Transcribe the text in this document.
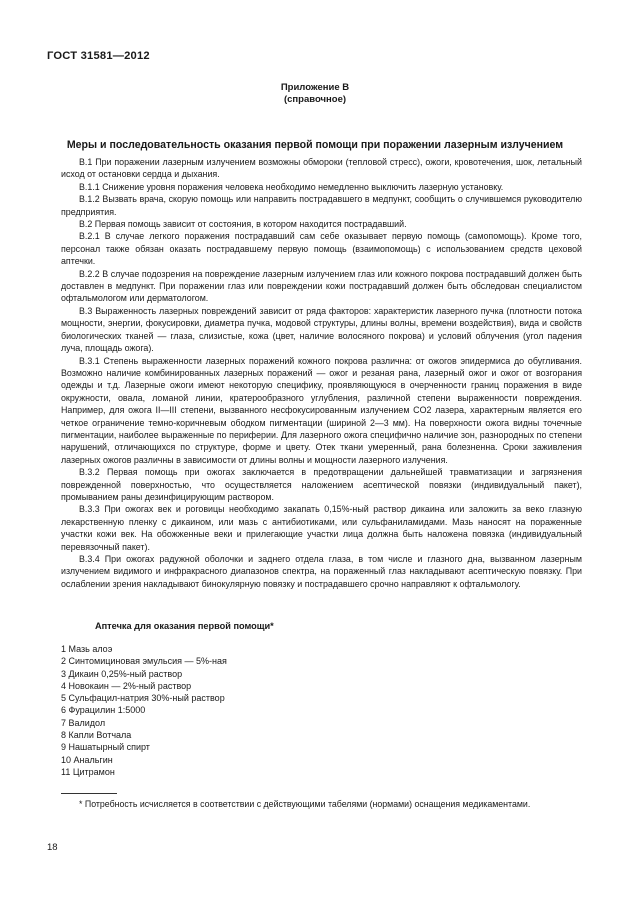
ГОСТ 31581—2012
Приложение В
(справочное)
Меры и последовательность оказания первой помощи при поражении лазерным излучением

В.1 При поражении лазерным излучением возможны обмороки (тепловой стресс), ожоги, кровотечения, шок, летальный исход от остановки сердца и дыхания.

В.1.1 Снижение уровня поражения человека необходимо немедленно выключить лазерную установку.

В.1.2 Вызвать врача, скорую помощь или направить пострадавшего в медпункт, сообщить о случившемся руководителю предприятия.

В.2 Первая помощь зависит от состояния, в котором находится пострадавший.

В.2.1 В случае легкого поражения пострадавший сам себе оказывает первую помощь (самопомощь). Кроме того, персонал также обязан оказать пострадавшему первую помощь (взаимопомощь) с использованием средств цеховой аптечки.

В.2.2 В случае подозрения на повреждение лазерным излучением глаз или кожного покрова пострадавший должен быть доставлен в медпункт. При поражении глаз или повреждении кожи пострадавший должен быть обследован специалистом офтальмологом или дерматологом.

В.3 Выраженность лазерных повреждений зависит от ряда факторов: характеристик лазерного пучка (плотности потока мощности, энергии, фокусировки, диаметра пучка, модовой структуры, длины волны, времени воздействия), вида и свойств биологических тканей — глаза, слизистые, кожа (цвет, наличие волосяного покрова) и условий облучения (угол падения луча, площадь ожога).

В.3.1 Степень выраженности лазерных поражений кожного покрова различна: от ожогов эпидермиса до обугливания. Возможно наличие комбинированных лазерных поражений — ожог и резаная рана, лазерный ожог и ожог от возгорания одежды и т.д. Лазерные ожоги имеют некоторую специфику, проявляющуюся в очерченности границ поражения в виде окружности, овала, ломаной линии, кратерообразного углубления, различной степени выраженности повреждения. Например, для ожога II—III степени, вызванного несфокусированным излучением CO2 лазера, характерным является его четкое ограничение темно-коричневым ободком пигментации (шириной 2—3 мм). На поверхности ожога видны точечные пигментации, наиболее выраженные по периферии. Для лазерного ожога специфично наличие зон, разнородных по степени нарушений, отличающихся по структуре, форме и цвету. Отек ткани умеренный, рана болезненна. Сроки заживления лазерных ожогов различны в зависимости от длины волны и мощности лазерного излучения.

В.3.2 Первая помощь при ожогах заключается в предотвращении дальнейшей травматизации и загрязнения поврежденной поверхностью, что осуществляется наложением асептической повязки (индивидуальный пакет), промыванием раны дезинфицирующим раствором.

В.3.3 При ожогах век и роговицы необходимо закапать 0,15%-ный раствор дикаина или заложить за веко глазную лекарственную пленку с дикаином, или мазь с антибиотиками, или сульфаниламидами. Мазь наносят на пораженные участки кожи век. На обожженные веки и прилегающие участки лица должна быть наложена повязка (индивидуальный перевязочный пакет).

В.3.4 При ожогах радужной оболочки и заднего отдела глаза, в том числе и глазного дна, вызванном лазерным излучением видимого и инфракрасного диапазонов спектра, на пораженный глаз накладывают асептическую повязку. При ослаблении зрения накладывают бинокулярную повязку и пострадавшего срочно направляют к офтальмологу.

Аптечка для оказания первой помощи*
1 Мазь алоэ
2 Синтомициновая эмульсия — 5%-ная
3 Дикаин 0,25%-ный раствор
4 Новокаин — 2%-ный раствор
5 Сульфацил-натрия 30%-ный раствор
6 Фурацилин 1:5000
7 Валидол
8 Капли Вотчала
9 Нашатырный спирт
10 Анальгин
11 Цитрамон

* Потребность исчисляется в соответствии с действующими табелями (нормами) оснащения медикаментами.

18
